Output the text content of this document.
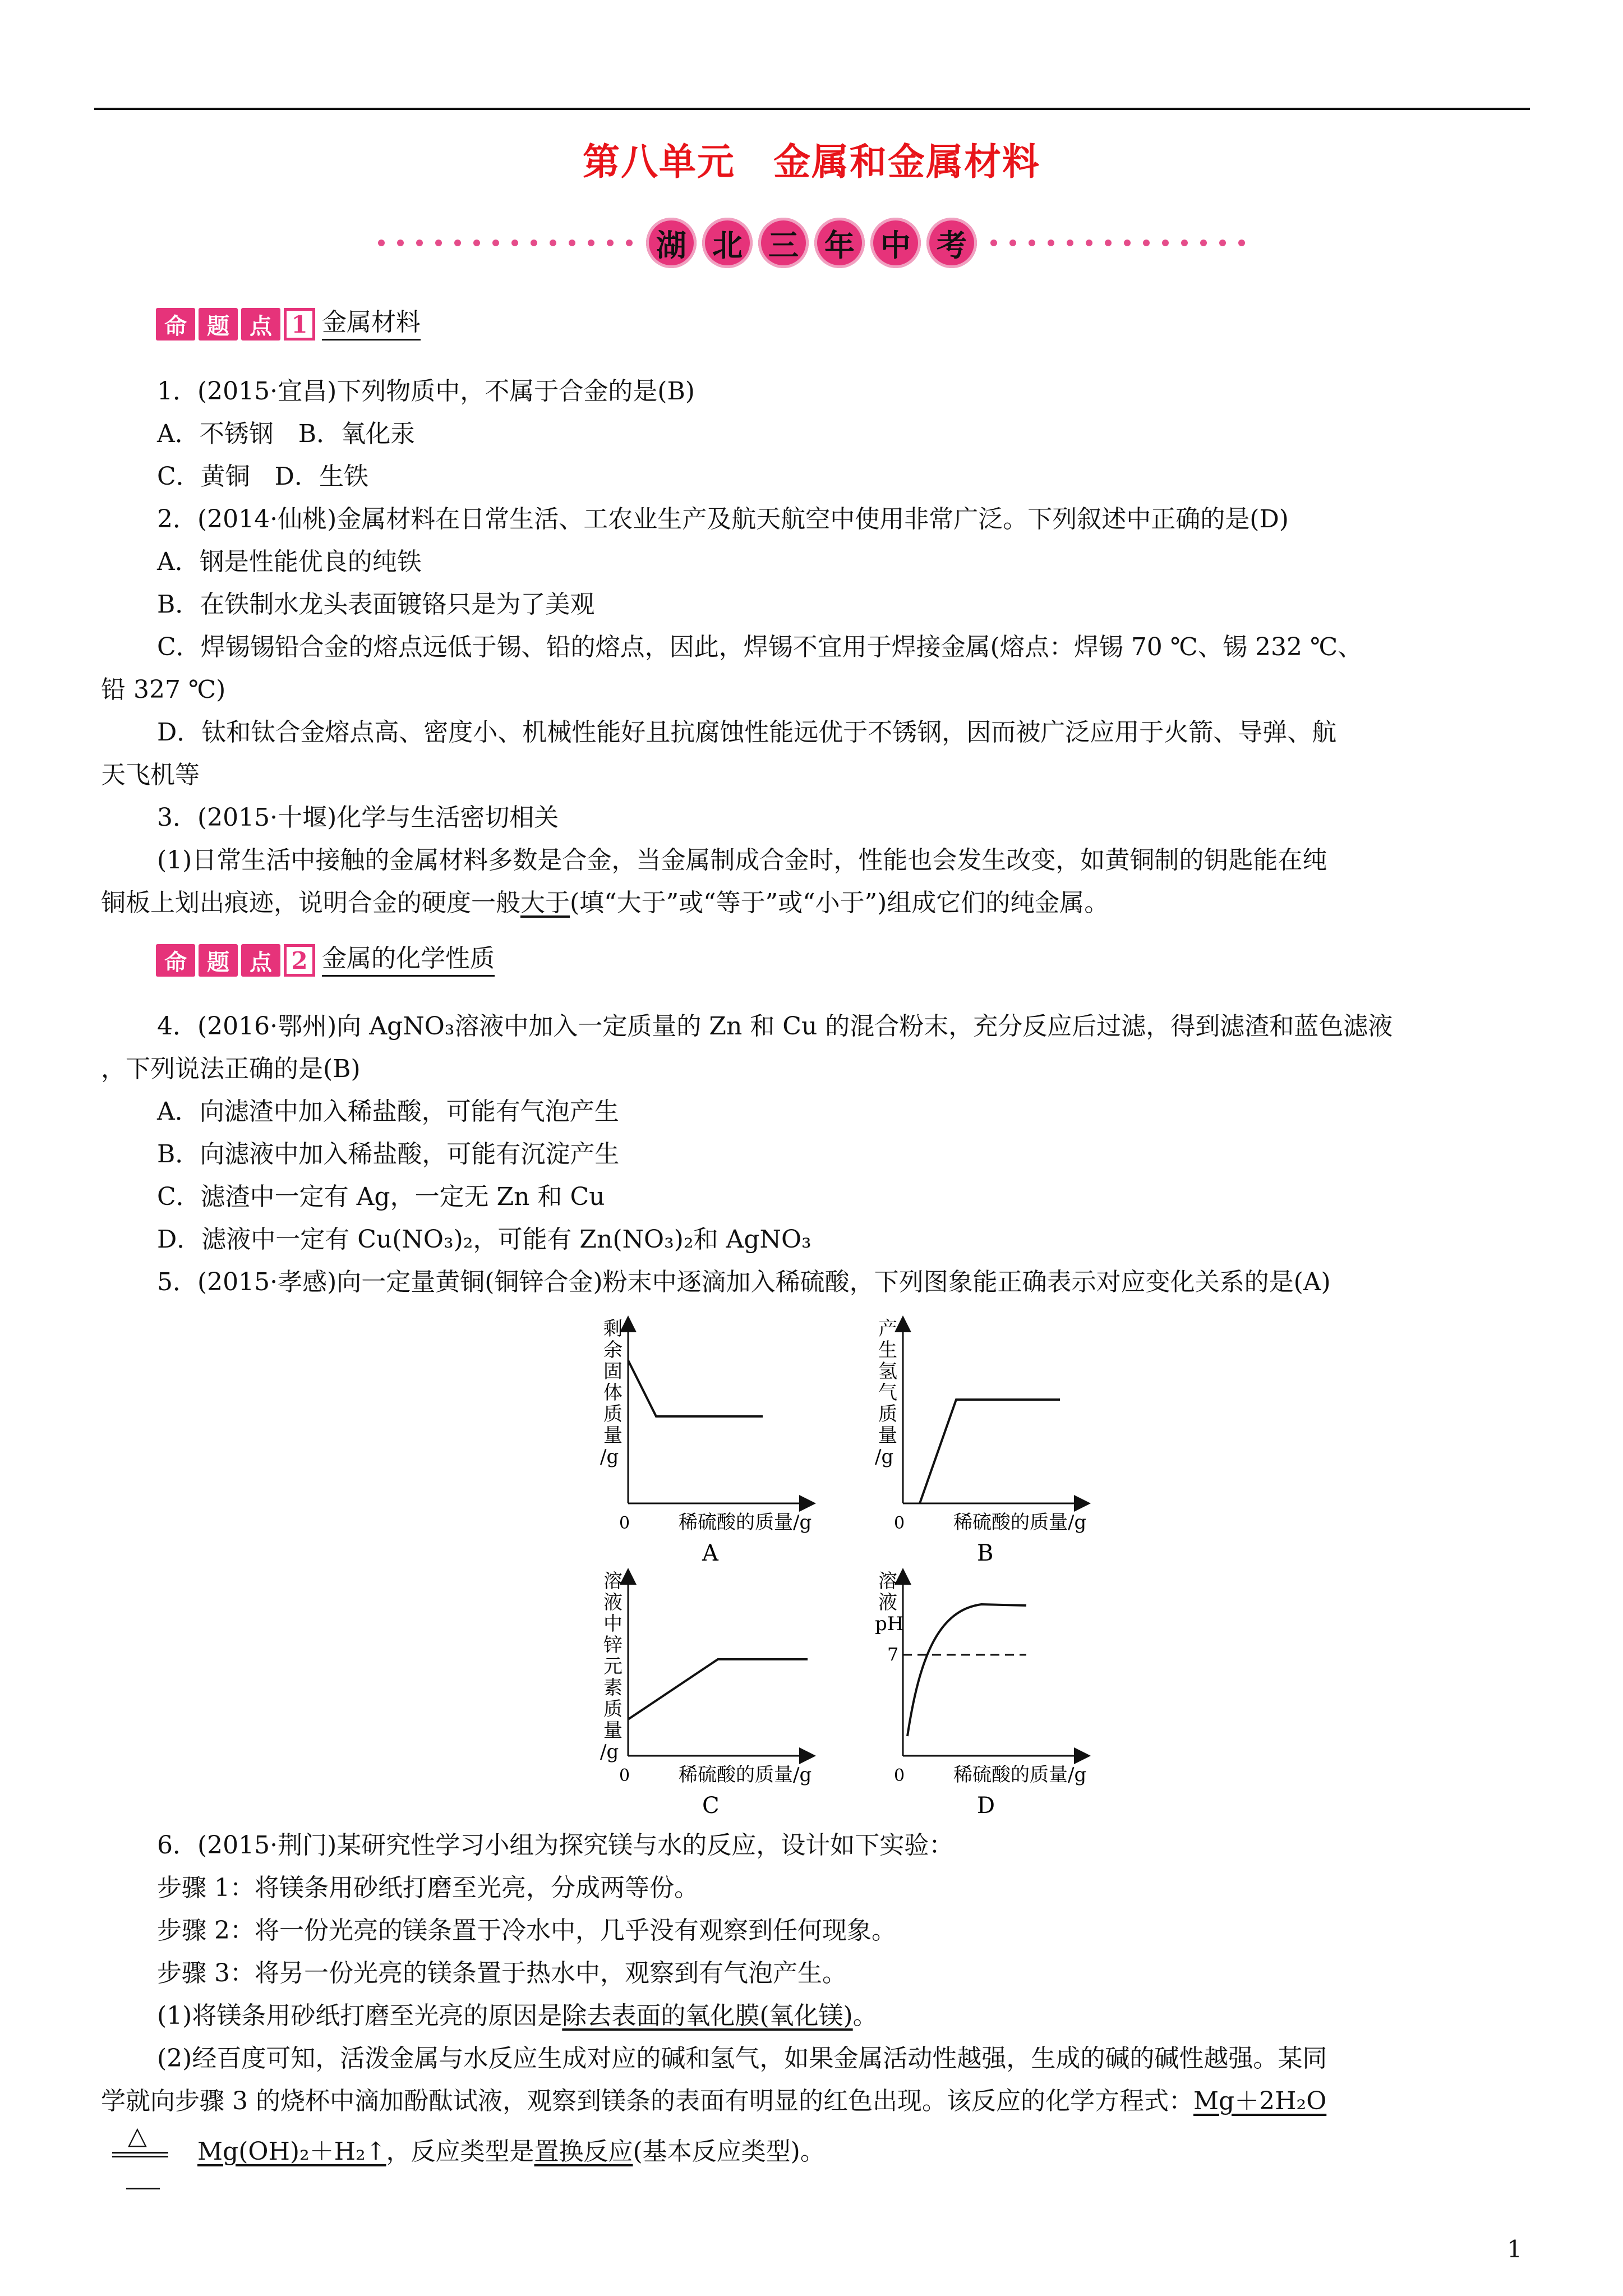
第八单元　金属和金属材料
湖 北 三 年 中 考
命 题 点 1 金属材料
1．(2015·宜昌)下列物质中，不属于合金的是(B)
A．不锈钢　B．氧化汞
C．黄铜　D．生铁
2．(2014·仙桃)金属材料在日常生活、工农业生产及航天航空中使用非常广泛。下列叙述中正确的是(D)
A．钢是性能优良的纯铁
B．在铁制水龙头表面镀铬只是为了美观
C．焊锡锡铅合金的熔点远低于锡、铅的熔点，因此，焊锡不宜用于焊接金属(熔点：焊锡 70 ℃、锡 232 ℃、
铅 327 ℃)
D．钛和钛合金熔点高、密度小、机械性能好且抗腐蚀性能远优于不锈钢，因而被广泛应用于火箭、导弹、航
天飞机等
3．(2015·十堰)化学与生活密切相关
(1)日常生活中接触的金属材料多数是合金，当金属制成合金时，性能也会发生改变，如黄铜制的钥匙能在纯
铜板上划出痕迹，说明合金的硬度一般大于(填“大于”或“等于”或“小于”)组成它们的纯金属。
命 题 点 2 金属的化学性质
4．(2016·鄂州)向 AgNO₃溶液中加入一定质量的 Zn 和 Cu 的混合粉末，充分反应后过滤，得到滤渣和蓝色滤液
，下列说法正确的是(B)
A．向滤渣中加入稀盐酸，可能有气泡产生
B．向滤液中加入稀盐酸，可能有沉淀产生
C．滤渣中一定有 Ag，一定无 Zn 和 Cu
D．滤液中一定有 Cu(NO₃)₂，可能有 Zn(NO₃)₂和 AgNO₃
5．(2015·孝感)向一定量黄铜(铜锌合金)粉末中逐滴加入稀硫酸，下列图象能正确表示对应变化关系的是(A)
剩
余
固
体
质
量
/g
0	稀硫酸的质量/g
A
产
生
氢
气
质
量
/g
0	稀硫酸的质量/g
B
溶
液
中
锌
元
素
质
量
/g
0	稀硫酸的质量/g
C
溶
液
pH
7
0	稀硫酸的质量/g
D
6．(2015·荆门)某研究性学习小组为探究镁与水的反应，设计如下实验：
步骤 1：将镁条用砂纸打磨至光亮，分成两等份。
步骤 2：将一份光亮的镁条置于冷水中，几乎没有观察到任何现象。
步骤 3：将另一份光亮的镁条置于热水中，观察到有气泡产生。
(1)将镁条用砂纸打磨至光亮的原因是除去表面的氧化膜(氧化镁)。
(2)经百度可知，活泼金属与水反应生成对应的碱和氢气，如果金属活动性越强，生成的碱的碱性越强。某同
学就向步骤 3 的烧杯中滴加酚酞试液，观察到镁条的表面有明显的红色出现。该反应的化学方程式：Mg＋2H₂O
△
Mg(OH)₂＋H₂↑，反应类型是置换反应(基本反应类型)。
1
